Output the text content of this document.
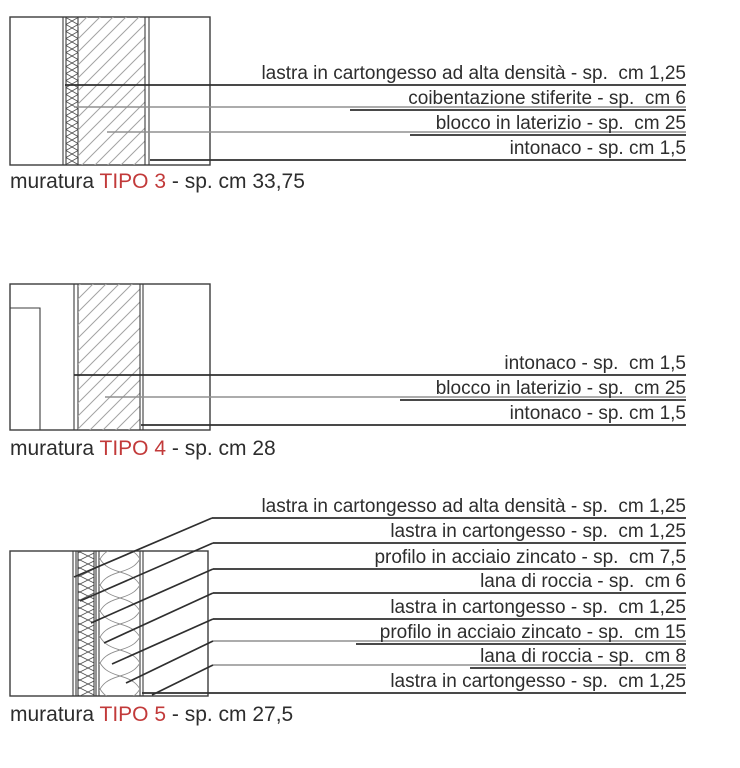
lastra in cartongesso ad alta densità - sp.  cm 1,25
coibentazione stiferite - sp.  cm 6
blocco in laterizio - sp.  cm 25
intonaco - sp. cm 1,5
muratura TIPO 3 - sp. cm 33,75
intonaco - sp.  cm 1,5
blocco in laterizio - sp.  cm 25
intonaco - sp. cm 1,5
muratura TIPO 4 - sp. cm 28
lastra in cartongesso ad alta densità - sp.  cm 1,25
lastra in cartongesso - sp.  cm 1,25
profilo in acciaio zincato - sp.  cm 7,5
lana di roccia - sp.  cm 6
lastra in cartongesso - sp.  cm 1,25
profilo in acciaio zincato - sp.  cm 15
lana di roccia - sp.  cm 8
lastra in cartongesso - sp.  cm 1,25
muratura TIPO 5 - sp. cm 27,5
